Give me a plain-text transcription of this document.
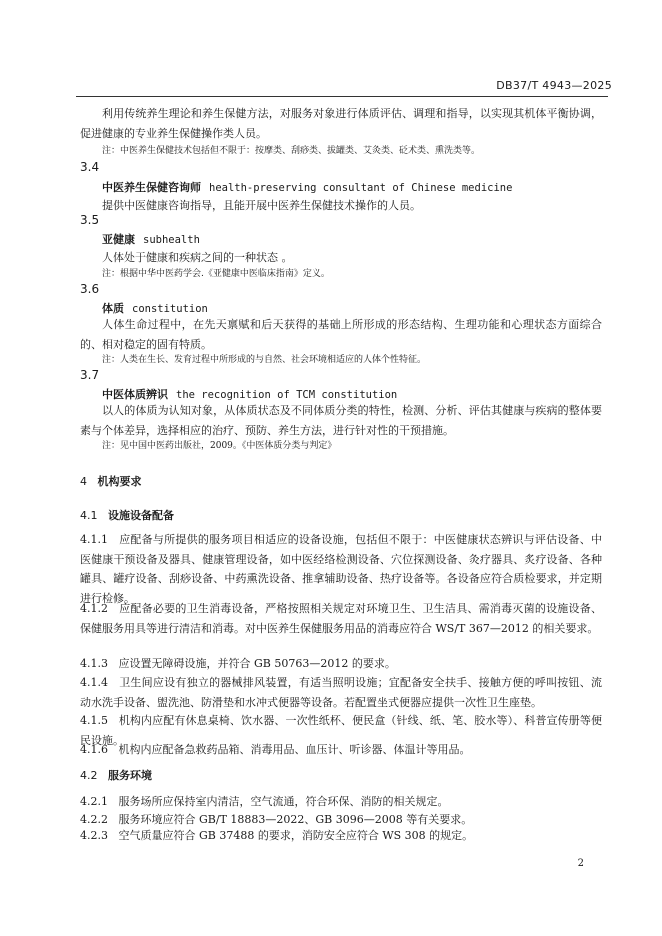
DB37/T 4943—2025
利用传统养生理论和养生保健方法，对服务对象进行体质评估、调理和指导，以实现其机体平衡协调，促进健康的专业养生保健操作类人员。
注：中医养生保健技术包括但不限于：按摩类、刮痧类、拔罐类、艾灸类、砭术类、熏洗类等。
3.4
中医养生保健咨询师 health-preserving consultant of Chinese medicine
提供中医健康咨询指导，且能开展中医养生保健技术操作的人员。
3.5
亚健康 subhealth
人体处于健康和疾病之间的一种状态 。
注：根据中华中医药学会.《亚健康中医临床指南》定义。
3.6
体质 constitution
人体生命过程中，在先天禀赋和后天获得的基础上所形成的形态结构、生理功能和心理状态方面综合的、相对稳定的固有特质。
注：人类在生长、发育过程中所形成的与自然、社会环境相适应的人体个性特征。
3.7
中医体质辨识 the recognition of TCM constitution
以人的体质为认知对象，从体质状态及不同体质分类的特性，检测、分析、评估其健康与疾病的整体要素与个体差异，选择相应的治疗、预防、养生方法，进行针对性的干预措施。
注：见中国中医药出版社，2009。《中医体质分类与判定》
4 机构要求
4.1 设施设备配备
4.1.1 应配备与所提供的服务项目相适应的设备设施，包括但不限于：中医健康状态辨识与评估设备、中医健康干预设备及器具、健康管理设备，如中医经络检测设备、穴位探测设备、灸疗器具、炙疗设备、各种罐具、罐疗设备、刮痧设备、中药熏洗设备、推拿辅助设备、热疗设备等。各设备应符合质检要求，并定期进行检修。
4.1.2 应配备必要的卫生消毒设备，严格按照相关规定对环境卫生、卫生洁具、需消毒灭菌的设施设备、保健服务用具等进行清洁和消毒。对中医养生保健服务用品的消毒应符合 WS/T 367—2012 的相关要求。
4.1.3 应设置无障碍设施，并符合 GB 50763—2012 的要求。
4.1.4 卫生间应设有独立的器械排风装置，有适当照明设施；宜配备安全扶手、接触方便的呼叫按钮、流动水洗手设备、盥洗池、防滑垫和水冲式便器等设备。若配置坐式便器应提供一次性卫生座垫。
4.1.5 机构内应配有休息桌椅、饮水器、一次性纸杯、便民盒（针线、纸、笔、胶水等）、科普宣传册等便民设施。
4.1.6 机构内应配备急救药品箱、消毒用品、血压计、听诊器、体温计等用品。
4.2 服务环境
4.2.1 服务场所应保持室内清洁，空气流通，符合环保、消防的相关规定。
4.2.2 服务环境应符合 GB/T 18883—2022、GB 3096—2008 等有关要求。
4.2.3 空气质量应符合 GB 37488 的要求，消防安全应符合 WS 308 的规定。
2
